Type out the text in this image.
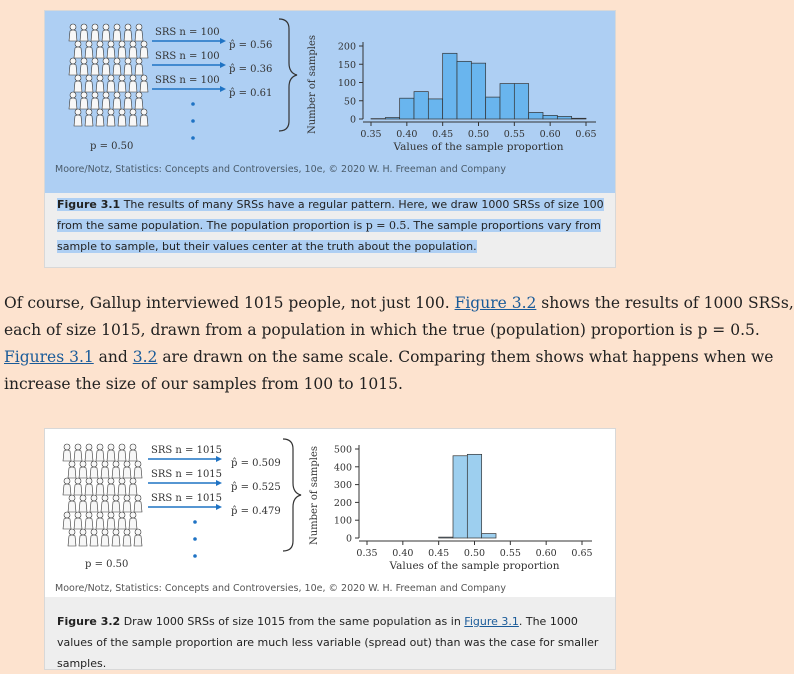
p = 0.50
SRS n = 100
p̂ = 0.56
SRS n = 100
p̂ = 0.36
SRS n = 100
p̂ = 0.61
0
50
100
150
200
0.35 0.40 0.45 0.50 0.55 0.60 0.65
Number of samples
Values of the sample proportion
Moore/Notz, Statistics: Concepts and Controversies, 10e, © 2020 W. H. Freeman and Company
Figure 3.1 The results of many SRSs have a regular pattern. Here, we draw 1000 SRSs of size 100 from the same population. The population proportion is p = 0.5. The sample proportions vary from sample to sample, but their values center at the truth about the population.
Of course, Gallup interviewed 1015 people, not just 100. Figure 3.2 shows the results of 1000 SRSs,
each of size 1015, drawn from a population in which the true (population) proportion is p = 0.5.
Figures 3.1 and 3.2 are drawn on the same scale. Comparing them shows what happens when we
increase the size of our samples from 100 to 1015.
p = 0.50
SRS n = 1015
p̂ = 0.509
SRS n = 1015
p̂ = 0.525
SRS n = 1015
p̂ = 0.479
0
100
200
300
400
500
0.35 0.40 0.45 0.50 0.55 0.60 0.65
Number of samples
Values of the sample proportion
Moore/Notz, Statistics: Concepts and Controversies, 10e, © 2020 W. H. Freeman and Company
Figure 3.2 Draw 1000 SRSs of size 1015 from the same population as in Figure 3.1. The 1000 values of the sample proportion are much less variable (spread out) than was the case for smaller samples.
